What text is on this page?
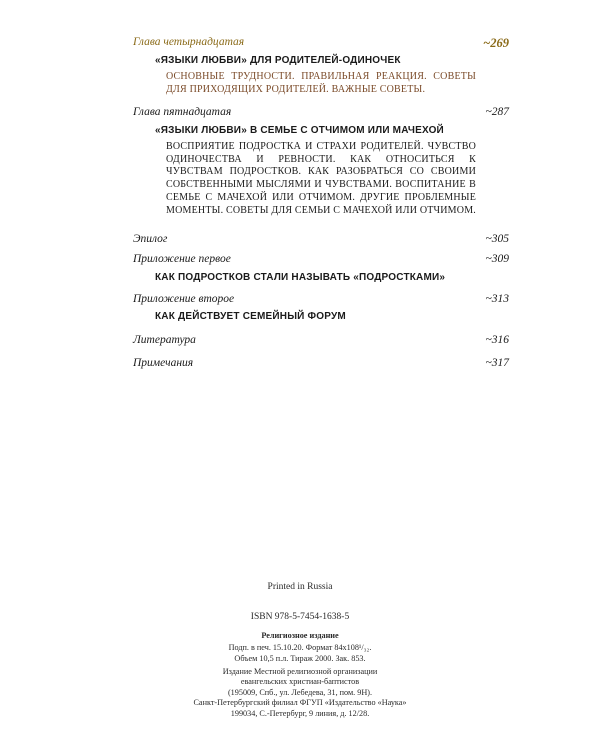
Глава четырнадцатая	~269
«ЯЗЫКИ ЛЮБВИ» ДЛЯ РОДИТЕЛЕЙ-ОДИНОЧЕК
ОСНОВНЫЕ ТРУДНОСТИ. ПРАВИЛЬНАЯ РЕАКЦИЯ. СОВЕТЫ ДЛЯ ПРИХОДЯЩИХ РОДИТЕЛЕЙ. ВАЖНЫЕ СОВЕТЫ.
Глава пятнадцатая	~287
«ЯЗЫКИ ЛЮБВИ» В СЕМЬЕ С ОТЧИМОМ ИЛИ МАЧЕХОЙ
ВОСПРИЯТИЕ ПОДРОСТКА И СТРАХИ РОДИТЕЛЕЙ. ЧУВСТВО ОДИНОЧЕСТВА И РЕВНОСТИ. КАК ОТНОСИТЬСЯ К ЧУВСТВАМ ПОДРОСТКОВ. КАК РАЗОБРАТЬСЯ СО СВОИМИ СОБСТВЕННЫМИ МЫСЛЯМИ И ЧУВСТВАМИ. ВОСПИТАНИЕ В СЕМЬЕ С МАЧЕХОЙ ИЛИ ОТЧИМОМ. ДРУГИЕ ПРОБЛЕМНЫЕ МОМЕНТЫ. СОВЕТЫ ДЛЯ СЕМЬИ С МАЧЕХОЙ ИЛИ ОТЧИМОМ.
Эпилог	~305
Приложение первое	~309
КАК ПОДРОСТКОВ СТАЛИ НАЗЫВАТЬ «ПОДРОСТКАМИ»
Приложение второе	~313
КАК ДЕЙСТВУЕТ СЕМЕЙНЫЙ ФОРУМ
Литература	~316
Примечания	~317
Printed in Russia
ISBN 978-5-7454-1638-5
Религиозное издание
Подп. в печ. 15.10.20. Формат 84x108¹/₃₂.
Объем 10,5 п.л. Тираж 2000. Зак. 853.
Издание Местной религиозной организации
евангельских христиан-баптистов
(195009, Спб., ул. Лебедева, 31, пом. 9Н).
Санкт-Петербургский филиал ФГУП «Издательство «Наука»
199034, С.-Петербург, 9 линия, д. 12/28.
